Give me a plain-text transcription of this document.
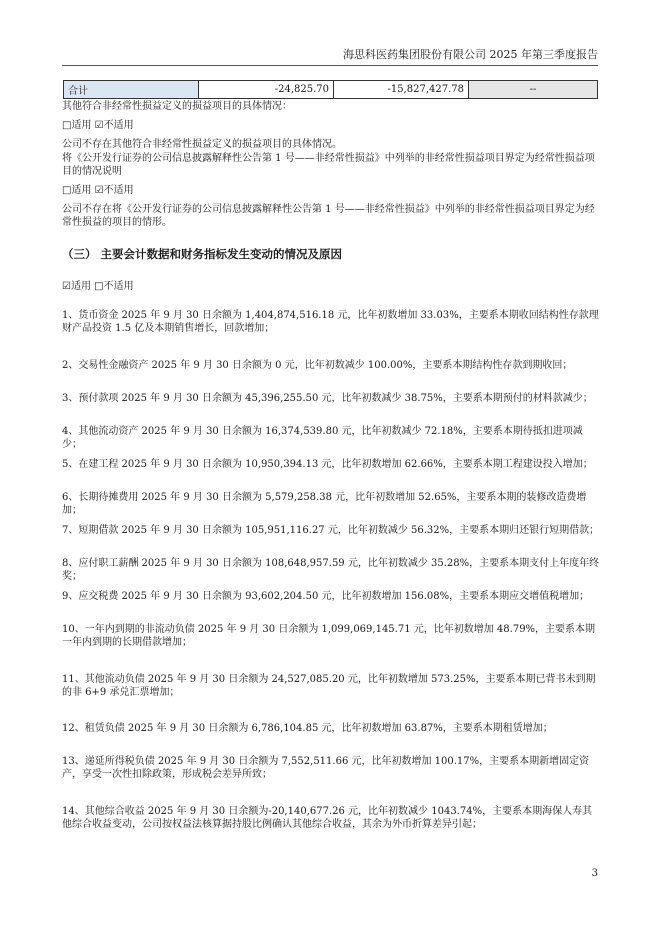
海思科医药集团股份有限公司 2025 年第三季度报告
合计	-24,825.70	-15,827,427.78	--
其他符合非经常性损益定义的损益项目的具体情况：
□适用 ☑不适用
公司不存在其他符合非经常性损益定义的损益项目的具体情况。
将《公开发行证券的公司信息披露解释性公告第 1 号——非经常性损益》中列举的非经常性损益项目界定为经常性损益项目的情况说明
□适用 ☑不适用
公司不存在将《公开发行证券的公司信息披露解释性公告第 1 号——非经常性损益》中列举的非经常性损益项目界定为经常性损益的项目的情形。
（三） 主要会计数据和财务指标发生变动的情况及原因
☑适用 □不适用
1、货币资金 2025 年 9 月 30 日余额为 1,404,874,516.18 元，比年初数增加 33.03%，主要系本期收回结构性存款理财产品投资 1.5 亿及本期销售增长，回款增加；
2、交易性金融资产 2025 年 9 月 30 日余额为 0 元，比年初数减少 100.00%，主要系本期结构性存款到期收回；
3、预付款项 2025 年 9 月 30 日余额为 45,396,255.50 元，比年初数减少 38.75%，主要系本期预付的材料款减少；
4、其他流动资产 2025 年 9 月 30 日余额为 16,374,539.80 元，比年初数减少 72.18%，主要系本期待抵扣进项减少；
5、在建工程 2025 年 9 月 30 日余额为 10,950,394.13 元，比年初数增加 62.66%，主要系本期工程建设投入增加；
6、长期待摊费用 2025 年 9 月 30 日余额为 5,579,258.38 元，比年初数增加 52.65%，主要系本期的装修改造费增加；
7、短期借款 2025 年 9 月 30 日余额为 105,951,116.27 元，比年初数减少 56.32%，主要系本期归还银行短期借款；
8、应付职工薪酬 2025 年 9 月 30 日余额为 108,648,957.59 元，比年初数减少 35.28%，主要系本期支付上年度年终奖；
9、应交税费 2025 年 9 月 30 日余额为 93,602,204.50 元，比年初数增加 156.08%，主要系本期应交增值税增加；
10、一年内到期的非流动负债 2025 年 9 月 30 日余额为 1,099,069,145.71 元，比年初数增加 48.79%，主要系本期一年内到期的长期借款增加；
11、其他流动负债 2025 年 9 月 30 日余额为 24,527,085.20 元，比年初数增加 573.25%，主要系本期已背书未到期的非 6+9 承兑汇票增加；
12、租赁负债 2025 年 9 月 30 日余额为 6,786,104.85 元，比年初数增加 63.87%，主要系本期租赁增加；
13、递延所得税负债 2025 年 9 月 30 日余额为 7,552,511.66 元，比年初数增加 100.17%，主要系本期新增固定资产，享受一次性扣除政策，形成税会差异所致；
14、其他综合收益 2025 年 9 月 30 日余额为-20,140,677.26 元，比年初数减少 1043.74%，主要系本期海保人寿其他综合收益变动，公司按权益法核算据持股比例确认其他综合收益，其余为外币折算差异引起；
3
